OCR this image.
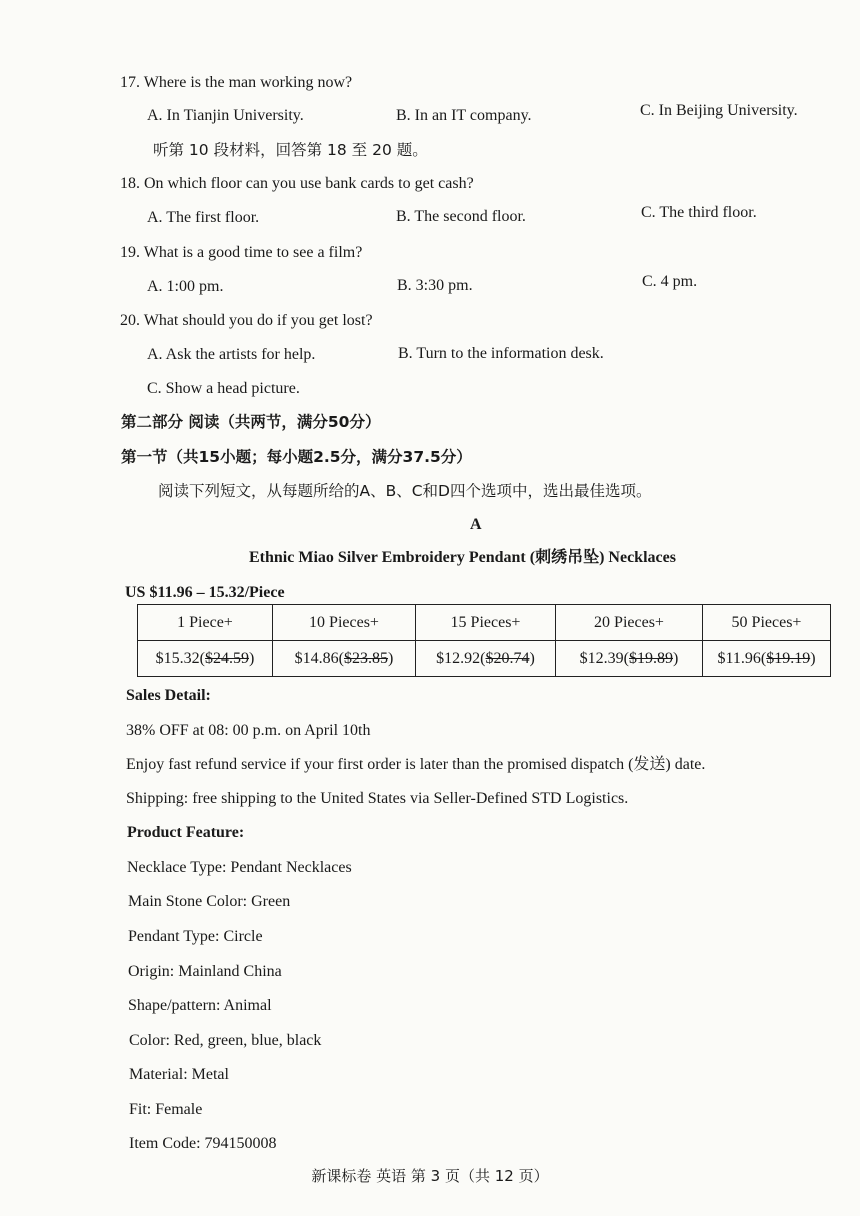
17. Where is the man working now?
A. In Tianjin University.	B. In an IT company.	C. In Beijing University.
听第 10 段材料，回答第 18 至 20 题。
18. On which floor can you use bank cards to get cash?
A. The first floor.	B. The second floor.	C. The third floor.
19. What is a good time to see a film?
A. 1:00 pm.	B. 3:30 pm.	C. 4 pm.
20. What should you do if you get lost?
A. Ask the artists for help.	B. Turn to the information desk.
C. Show a head picture.
第二部分 阅读（共两节，满分50分）
第一节（共15小题；每小题2.5分，满分37.5分）
阅读下列短文，从每题所给的A、B、C和D四个选项中，选出最佳选项。
A
Ethnic Miao Silver Embroidery Pendant (刺绣吊坠) Necklaces
US $11.96 – 15.32/Piece
1 Piece+	10 Pieces+	15 Pieces+	20 Pieces+	50 Pieces+
$15.32($24.59)	$14.86($23.85)	$12.92($20.74)	$12.39($19.89)	$11.96($19.19)
Sales Detail:
38% OFF at 08: 00 p.m. on April 10th
Enjoy fast refund service if your first order is later than the promised dispatch (发送) date.
Shipping: free shipping to the United States via Seller-Defined STD Logistics.
Product Feature:
Necklace Type: Pendant Necklaces
Main Stone Color: Green
Pendant Type: Circle
Origin: Mainland China
Shape/pattern: Animal
Color: Red, green, blue, black
Material: Metal
Fit: Female
Item Code: 794150008
新课标卷 英语 第 3 页（共 12 页）
